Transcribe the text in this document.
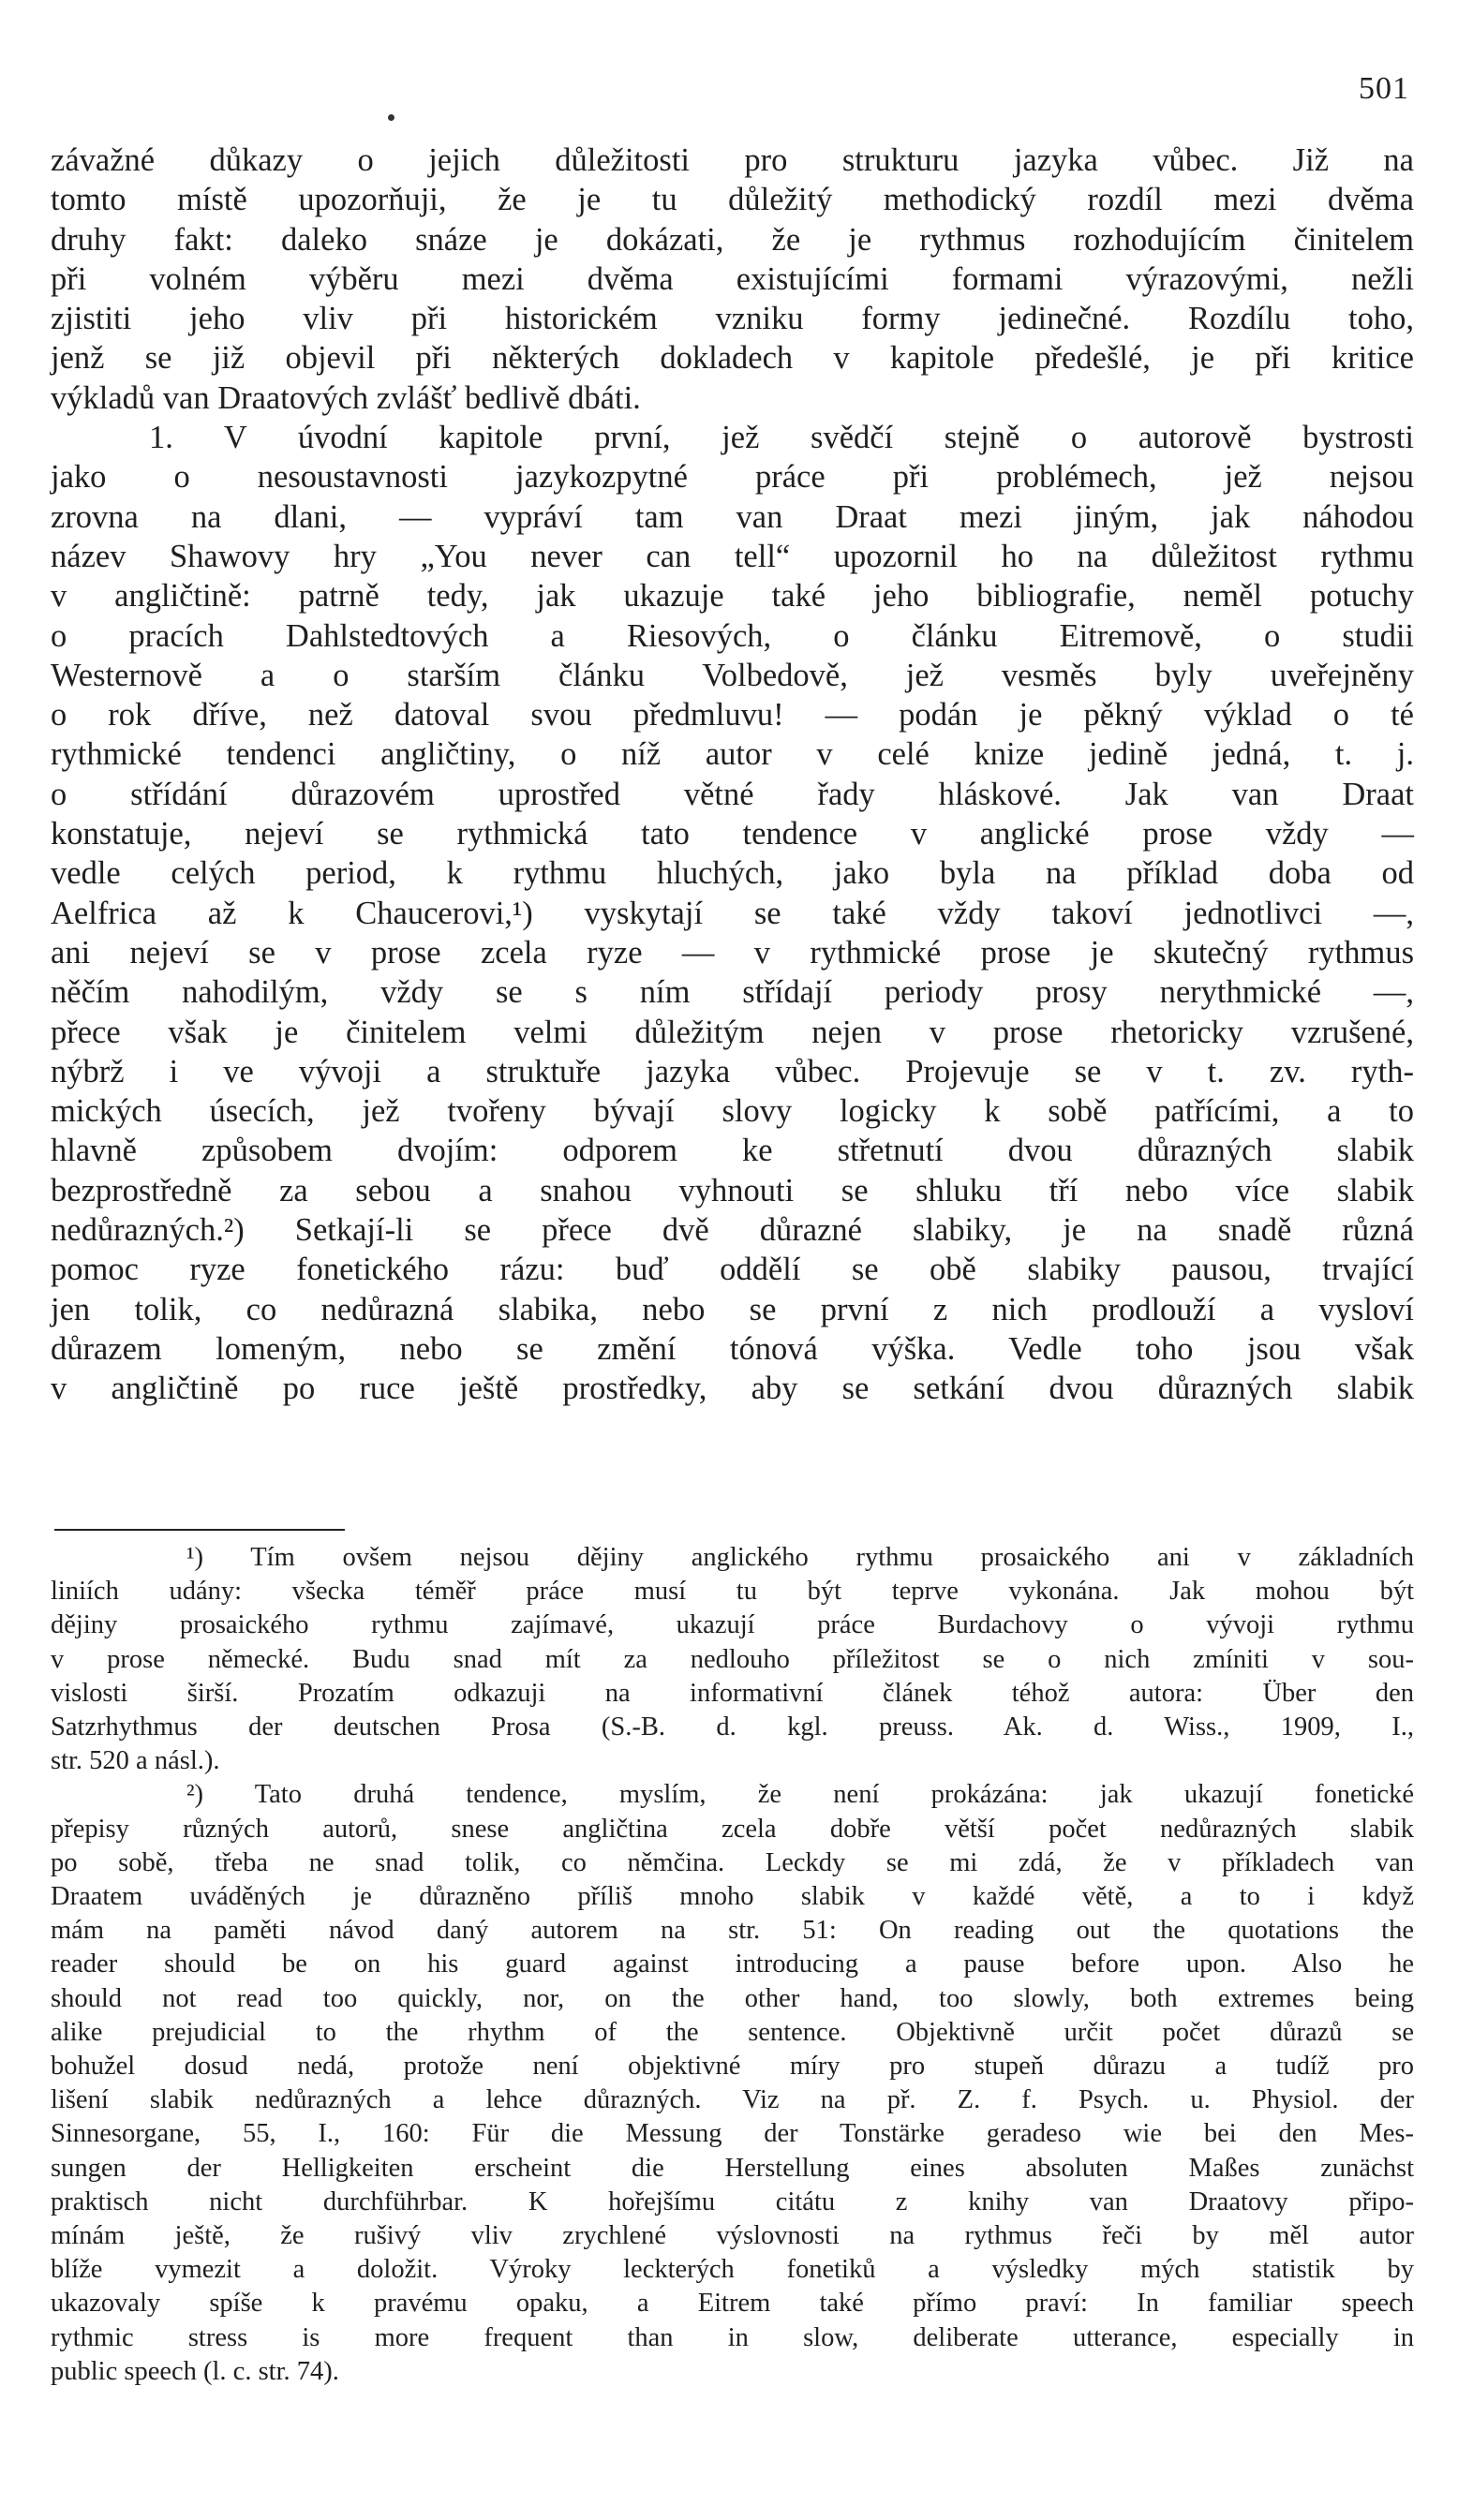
501
závažné důkazy o jejich důležitosti pro strukturu jazyka vůbec. Již na
tomto místě upozorňuji, že je tu důležitý methodický rozdíl mezi dvěma
druhy fakt: daleko snáze je dokázati, že je rythmus rozhodujícím činitelem
při volném výběru mezi dvěma existujícími formami výrazovými, nežli
zjistiti jeho vliv při historickém vzniku formy jedinečné. Rozdílu toho,
jenž se již objevil při některých dokladech v kapitole předešlé, je při kritice
výkladů van Draatových zvlášť bedlivě dbáti.
1. V úvodní kapitole první, jež svědčí stejně o autorově bystrosti
jako o nesoustavnosti jazykozpytné práce při problémech, jež nejsou
zrovna na dlani, — vypráví tam van Draat mezi jiným, jak náhodou
název Shawovy hry „You never can tell“ upozornil ho na důležitost rythmu
v angličtině: patrně tedy, jak ukazuje také jeho bibliografie, neměl potuchy
o pracích Dahlstedtových a Riesových, o článku Eitremově, o studii
Westernově a o starším článku Volbedově, jež vesměs byly uveřejněny
o rok dříve, než datoval svou předmluvu! — podán je pěkný výklad o té
rythmické tendenci angličtiny, o níž autor v celé knize jedině jedná, t. j.
o střídání důrazovém uprostřed větné řady hláskové. Jak van Draat
konstatuje, nejeví se rythmická tato tendence v anglické prose vždy —
vedle celých period, k rythmu hluchých, jako byla na příklad doba od
Aelfrica až k Chaucerovi,¹) vyskytají se také vždy takoví jednotlivci —,
ani nejeví se v prose zcela ryze — v rythmické prose je skutečný rythmus
něčím nahodilým, vždy se s ním střídají periody prosy nerythmické —,
přece však je činitelem velmi důležitým nejen v prose rhetoricky vzrušené,
nýbrž i ve vývoji a struktuře jazyka vůbec. Projevuje se v t. zv. ryth-
mických úsecích, jež tvořeny bývají slovy logicky k sobě patřícími, a to
hlavně způsobem dvojím: odporem ke střetnutí dvou důrazných slabik
bezprostředně za sebou a snahou vyhnouti se shluku tří nebo více slabik
nedůrazných.²) Setkají-li se přece dvě důrazné slabiky, je na snadě různá
pomoc ryze fonetického rázu: buď oddělí se obě slabiky pausou, trvající
jen tolik, co nedůrazná slabika, nebo se první z nich prodlouží a vysloví
důrazem lomeným, nebo se změní tónová výška. Vedle toho jsou však
v angličtině po ruce ještě prostředky, aby se setkání dvou důrazných slabik
¹) Tím ovšem nejsou dějiny anglického rythmu prosaického ani v základních
liniích udány: všecka téměř práce musí tu být teprve vykonána. Jak mohou být
dějiny prosaického rythmu zajímavé, ukazují práce Burdachovy o vývoji rythmu
v prose německé. Budu snad mít za nedlouho příležitost se o nich zmíniti v sou-
vislosti širší. Prozatím odkazuji na informativní článek téhož autora: Über den
Satzrhythmus der deutschen Prosa (S.-B. d. kgl. preuss. Ak. d. Wiss., 1909, I.,
str. 520 a násl.).
²) Tato druhá tendence, myslím, že není prokázána: jak ukazují fonetické
přepisy různých autorů, snese angličtina zcela dobře větší počet nedůrazných slabik
po sobě, třeba ne snad tolik, co němčina. Leckdy se mi zdá, že v příkladech van
Draatem uváděných je důrazněno příliš mnoho slabik v každé větě, a to i když
mám na paměti návod daný autorem na str. 51: On reading out the quotations the
reader should be on his guard against introducing a pause before upon. Also he
should not read too quickly, nor, on the other hand, too slowly, both extremes being
alike prejudicial to the rhythm of the sentence. Objektivně určit počet důrazů se
bohužel dosud nedá, protože není objektivné míry pro stupeň důrazu a tudíž pro
lišení slabik nedůrazných a lehce důrazných. Viz na př. Z. f. Psych. u. Physiol. der
Sinnesorgane, 55, I., 160: Für die Messung der Tonstärke geradeso wie bei den Mes-
sungen der Helligkeiten erscheint die Herstellung eines absoluten Maßes zunächst
praktisch nicht durchführbar. K hořejšímu citátu z knihy van Draatovy připo-
mínám ještě, že rušivý vliv zrychlené výslovnosti na rythmus řeči by měl autor
blíže vymezit a doložit. Výroky leckterých fonetiků a výsledky mých statistik by
ukazovaly spíše k pravému opaku, a Eitrem také přímo praví: In familiar speech
rythmic stress is more frequent than in slow, deliberate utterance, especially in
public speech (l. c. str. 74).
